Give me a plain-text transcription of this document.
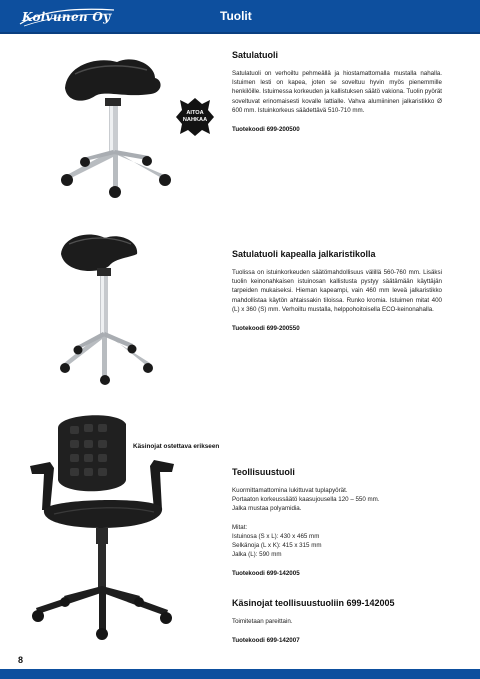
Koivunen Oy	Tuolit
AITOA
NAHKAA
Satulatuoli
Satulatuoli on verhoiltu pehmeällä ja hiostamattomalla mustalla nahalla. Istuimen lesti on kapea, joten se soveltuu hyvin myös pienemmille henkilöille. Istuimessa korkeuden ja kallistuksen säätö vakiona. Tuolin pyörät soveltuvat erinomaisesti kovalle lattialle. Vahva alumiininen jalkaristikko Ø 600 mm. Istuinkorkeus säädettävä 510-710 mm.
Tuotekoodi 699-200500
Satulatuoli kapealla jalkaristikolla
Tuolissa on istuinkorkeuden säätömahdollisuus välillä 560-760 mm. Lisäksi tuolin keinonahkaisen istuinosan kallistusta pystyy säätämään käyttäjän tarpeiden mukaiseksi. Hieman kapeampi, vain 460 mm leveä jalkaristikko mahdollistaa käytön ahtaissakin tiloissa. Runko kromia. Istuimen mitat 400 (L) x 360 (S) mm. Verhoiltu mustalla, helppohoitoisella ECO-keinonahalla.
Tuotekoodi 699-200550
Käsinojat ostettava erikseen
Teollisuustuoli
Kuormittamattomina lukittuvat tuplapyörät.
Portaaton korkeussäätö kaasujousella 120 – 550 mm.
Jalka mustaa polyamidia.
Mitat:
Istuinosa (S x L): 430 x 465 mm
Selkänoja (L x K): 415 x 315 mm
Jalka (L): 590 mm
Tuotekoodi 699-142005
Käsinojat teollisuustuoliin 699-142005
Toimitetaan pareittain.
Tuotekoodi 699-142007
8
